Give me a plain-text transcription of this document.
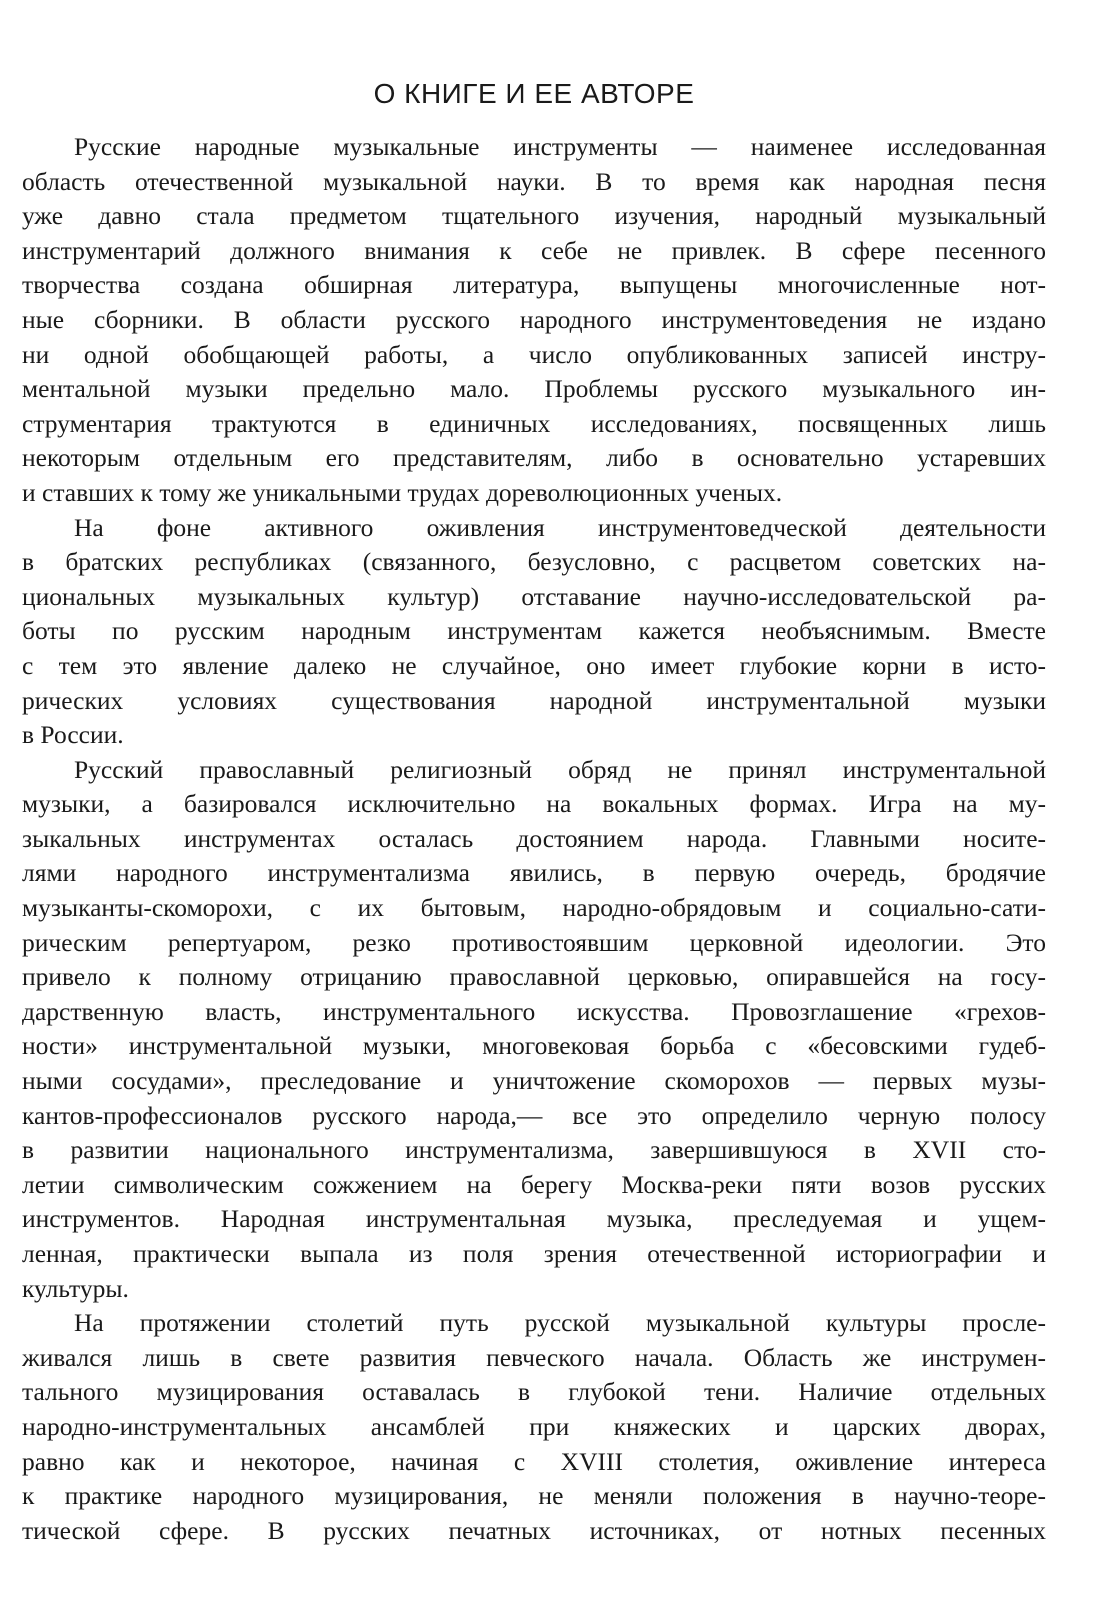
О КНИГЕ И ЕЕ АВТОРЕ
Русские народные музыкальные инструменты — наименее исследованная
область отечественной музыкальной науки. В то время как народная песня
уже давно стала предметом тщательного изучения, народный музыкальный
инструментарий должного внимания к себе не привлек. В сфере песенного
творчества создана обширная литература, выпущены многочисленные нот-
ные сборники. В области русского народного инструментоведения не издано
ни одной обобщающей работы, а число опубликованных записей инстру-
ментальной музыки предельно мало. Проблемы русского музыкального ин-
струментария трактуются в единичных исследованиях, посвященных лишь
некоторым отдельным его представителям, либо в основательно устаревших
и ставших к тому же уникальными трудах дореволюционных ученых.
На фоне активного оживления инструментоведческой деятельности
в братских республиках (связанного, безусловно, с расцветом советских на-
циональных музыкальных культур) отставание научно-исследовательской ра-
боты по русским народным инструментам кажется необъяснимым. Вместе
с тем это явление далеко не случайное, оно имеет глубокие корни в исто-
рических условиях существования народной инструментальной музыки
в России.
Русский православный религиозный обряд не принял инструментальной
музыки, а базировался исключительно на вокальных формах. Игра на му-
зыкальных инструментах осталась достоянием народа. Главными носите-
лями народного инструментализма явились, в первую очередь, бродячие
музыканты-скоморохи, с их бытовым, народно-обрядовым и социально-сати-
рическим репертуаром, резко противостоявшим церковной идеологии. Это
привело к полному отрицанию православной церковью, опиравшейся на госу-
дарственную власть, инструментального искусства. Провозглашение «грехов-
ности» инструментальной музыки, многовековая борьба с «бесовскими гудеб-
ными сосудами», преследование и уничтожение скоморохов — первых музы-
кантов-профессионалов русского народа,— все это определило черную полосу
в развитии национального инструментализма, завершившуюся в XVII сто-
летии символическим сожжением на берегу Москва-реки пяти возов русских
инструментов. Народная инструментальная музыка, преследуемая и ущем-
ленная, практически выпала из поля зрения отечественной историографии и
культуры.
На протяжении столетий путь русской музыкальной культуры просле-
живался лишь в свете развития певческого начала. Область же инструмен-
тального музицирования оставалась в глубокой тени. Наличие отдельных
народно-инструментальных ансамблей при княжеских и царских дворах,
равно как и некоторое, начиная с XVIII столетия, оживление интереса
к практике народного музицирования, не меняли положения в научно-теоре-
тической сфере. В русских печатных источниках, от нотных песенных
